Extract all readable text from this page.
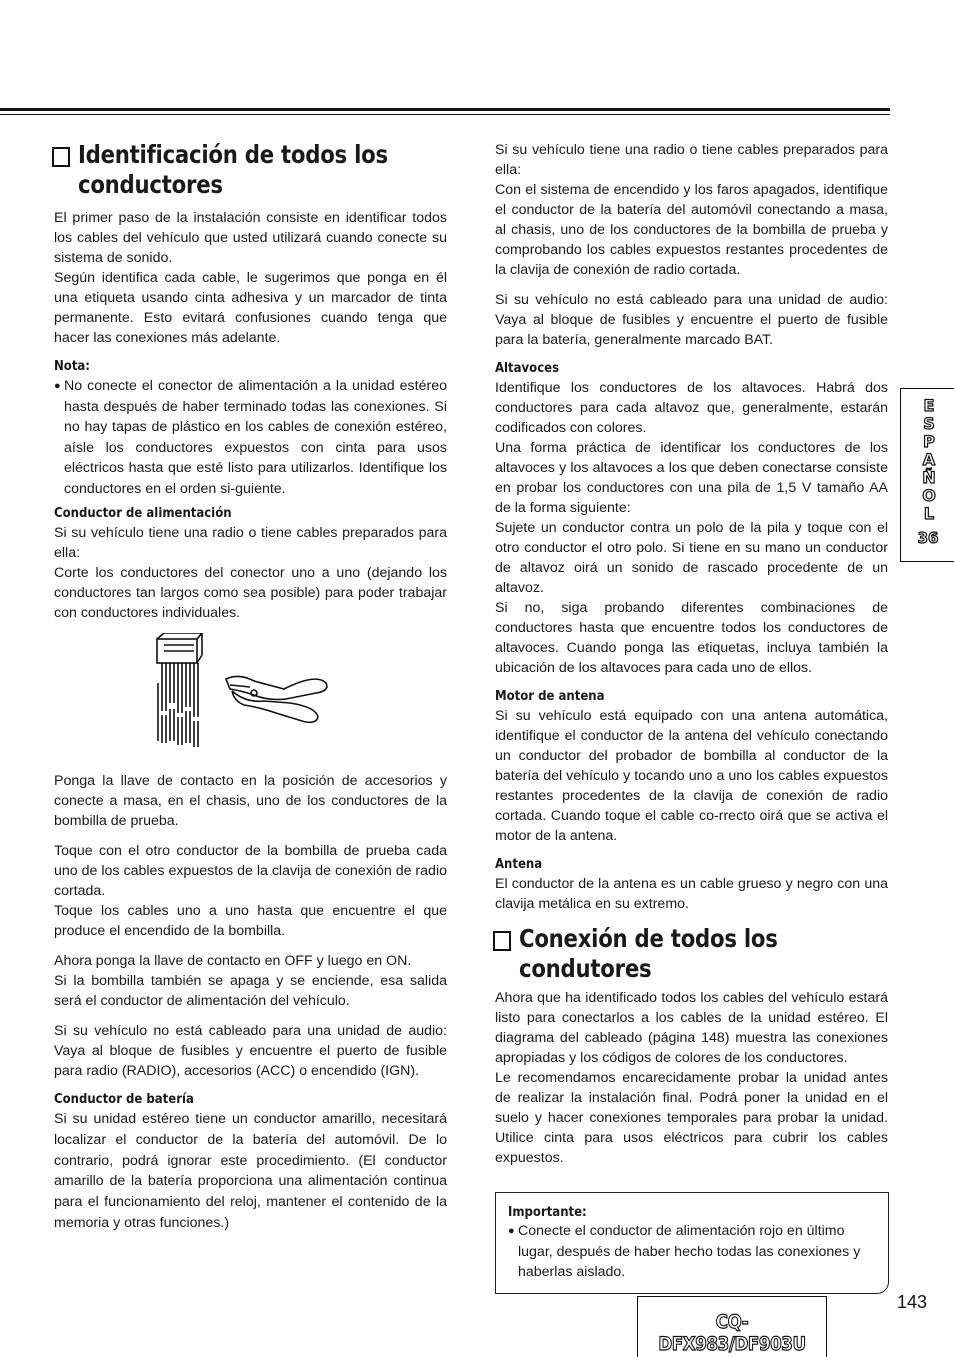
Identificación de todos los
conductores

El primer paso de la instalación consiste en identificar todos los cables del vehículo que usted utilizará cuando conecte su sistema de sonido.

Según identifica cada cable, le sugerimos que ponga en él una etiqueta usando cinta adhesiva y un marcador de tinta permanente. Esto evitará confusiones cuando tenga que hacer las conexiones más adelante.

Nota:
● No conecte el conector de alimentación a la unidad estéreo hasta después de haber terminado todas las conexiones. Si no hay tapas de plástico en los cables de conexión estéreo, aísle los conductores expuestos con cinta para usos eléctricos hasta que esté listo para utilizarlos. Identifique los conductores en el orden si-guiente.
Conductor de alimentación

Si su vehículo tiene una radio o tiene cables preparados para ella:

Corte los conductores del conector uno a uno (dejando los conductores tan largos como sea posible) para poder trabajar con conductores individuales.

Ponga la llave de contacto en la posición de accesorios y conecte a masa, en el chasis, uno de los conductores de la bombilla de prueba.

Toque con el otro conductor de la bombilla de prueba cada uno de los cables expuestos de la clavija de conexión de radio cortada.

Toque los cables uno a uno hasta que encuentre el que produce el encendido de la bombilla.

Ahora ponga la llave de contacto en OFF y luego en ON.

Si la bombilla también se apaga y se enciende, esa salida será el conductor de alimentación del vehículo.

Si su vehículo no está cableado para una unidad de audio: Vaya al bloque de fusibles y encuentre el puerto de fusible para radio (RADIO), accesorios (ACC) o encendido (IGN).

Conductor de batería

Si su unidad estéreo tiene un conductor amarillo, necesitará localizar el conductor de la batería del automóvil. De lo contrario, podrá ignorar este procedimiento. (El conductor amarillo de la batería proporciona una alimentación continua para el funcionamiento del reloj, mantener el contenido de la memoria y otras funciones.)

Si su vehículo tiene una radio o tiene cables preparados para ella:

Con el sistema de encendido y los faros apagados, identifique el conductor de la batería del automóvil conectando a masa, al chasis, uno de los conductores de la bombilla de prueba y comprobando los cables expuestos restantes procedentes de la clavija de conexión de radio cortada.

Si su vehículo no está cableado para una unidad de audio: Vaya al bloque de fusibles y encuentre el puerto de fusible para la batería, generalmente marcado BAT.

Altavoces

Identifique los conductores de los altavoces. Habrá dos conductores para cada altavoz que, generalmente, estarán codificados con colores.

Una forma práctica de identificar los conductores de los altavoces y los altavoces a los que deben conectarse consiste en probar los conductores con una pila de 1,5 V tamaño AA de la forma siguiente:

Sujete un conductor contra un polo de la pila y toque con el otro conductor el otro polo. Si tiene en su mano un conductor de altavoz oirá un sonido de rascado procedente de un altavoz.

Si no, siga probando diferentes combinaciones de conductores hasta que encuentre todos los conductores de altavoces. Cuando ponga las etiquetas, incluya también la ubicación de los altavoces para cada uno de ellos.

Motor de antena

Si su vehículo está equipado con una antena automática, identifique el conductor de la antena del vehículo conectando un conductor del probador de bombilla al conductor de la batería del vehículo y tocando uno a uno los cables expuestos restantes procedentes de la clavija de conexión de radio cortada. Cuando toque el cable co-rrecto oirá que se activa el motor de la antena.

Antena

El conductor de la antena es un cable grueso y negro con una clavija metálica en su extremo.

Conexión de todos los condutores

Ahora que ha identificado todos los cables del vehículo estará listo para conectarlos a los cables de la unidad estéreo. El diagrama del cableado (página 148) muestra las conexiones apropiadas y los códigos de colores de los conductores.

Le recomendamos encarecidamente probar la unidad antes de realizar la instalación final. Podrá poner la unidad en el suelo y hacer conexiones temporales para probar la unidad. Utilice cinta para usos eléctricos para cubrir los cables expuestos.

Importante:
● Conecte el conductor de alimentación rojo en último lugar, después de haber hecho todas las conexiones y haberlas aislado.
E
S
P
A
Ñ
O
L
36
CQ-DFX983/DF903U
143
